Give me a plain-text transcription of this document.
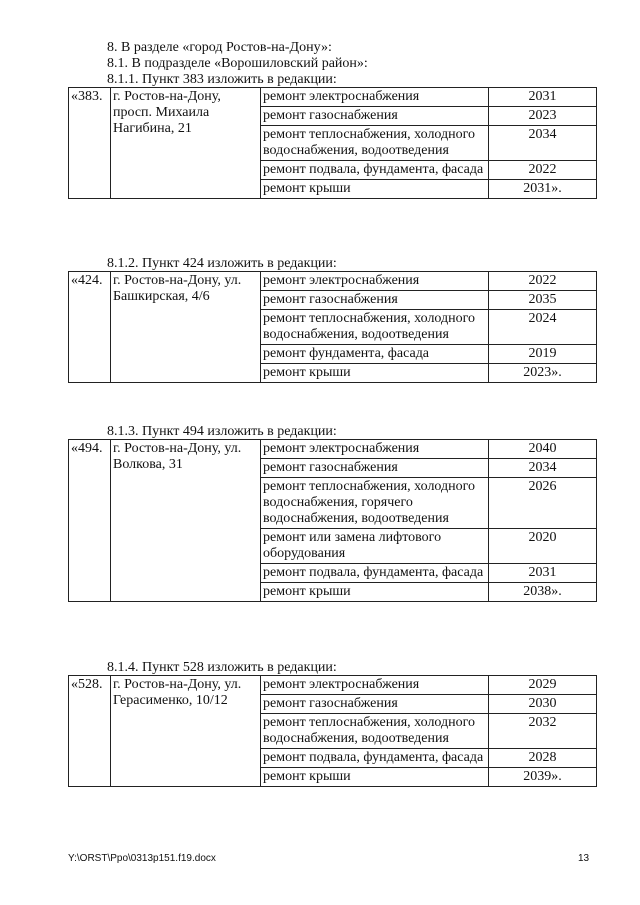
8. В разделе «город Ростов-на-Дону»:
8.1. В подразделе «Ворошиловский район»:
8.1.1. Пункт 383 изложить в редакции:
«383.	г. Ростов-на-Дону, просп. Михаила Нагибина, 21	ремонт электроснабжения	2031
		ремонт газоснабжения	2023
		ремонт теплоснабжения, холодного водоснабжения, водоотведения	2034
		ремонт подвала, фундамента, фасада	2022
		ремонт крыши	2031».
8.1.2. Пункт 424 изложить в редакции:
«424.	г. Ростов-на-Дону, ул. Башкирская, 4/6	ремонт электроснабжения	2022
		ремонт газоснабжения	2035
		ремонт теплоснабжения, холодного водоснабжения, водоотведения	2024
		ремонт фундамента, фасада	2019
		ремонт крыши	2023».
8.1.3. Пункт 494 изложить в редакции:
«494.	г. Ростов-на-Дону, ул. Волкова, 31	ремонт электроснабжения	2040
		ремонт газоснабжения	2034
		ремонт теплоснабжения, холодного водоснабжения, горячего водоснабжения, водоотведения	2026
		ремонт или замена лифтового оборудования	2020
		ремонт подвала, фундамента, фасада	2031
		ремонт крыши	2038».
8.1.4. Пункт 528 изложить в редакции:
«528.	г. Ростов-на-Дону, ул. Герасименко, 10/12	ремонт электроснабжения	2029
		ремонт газоснабжения	2030
		ремонт теплоснабжения, холодного водоснабжения, водоотведения	2032
		ремонт подвала, фундамента, фасада	2028
		ремонт крыши	2039».
Y:\ORST\Ppo\0313p151.f19.docx	13
